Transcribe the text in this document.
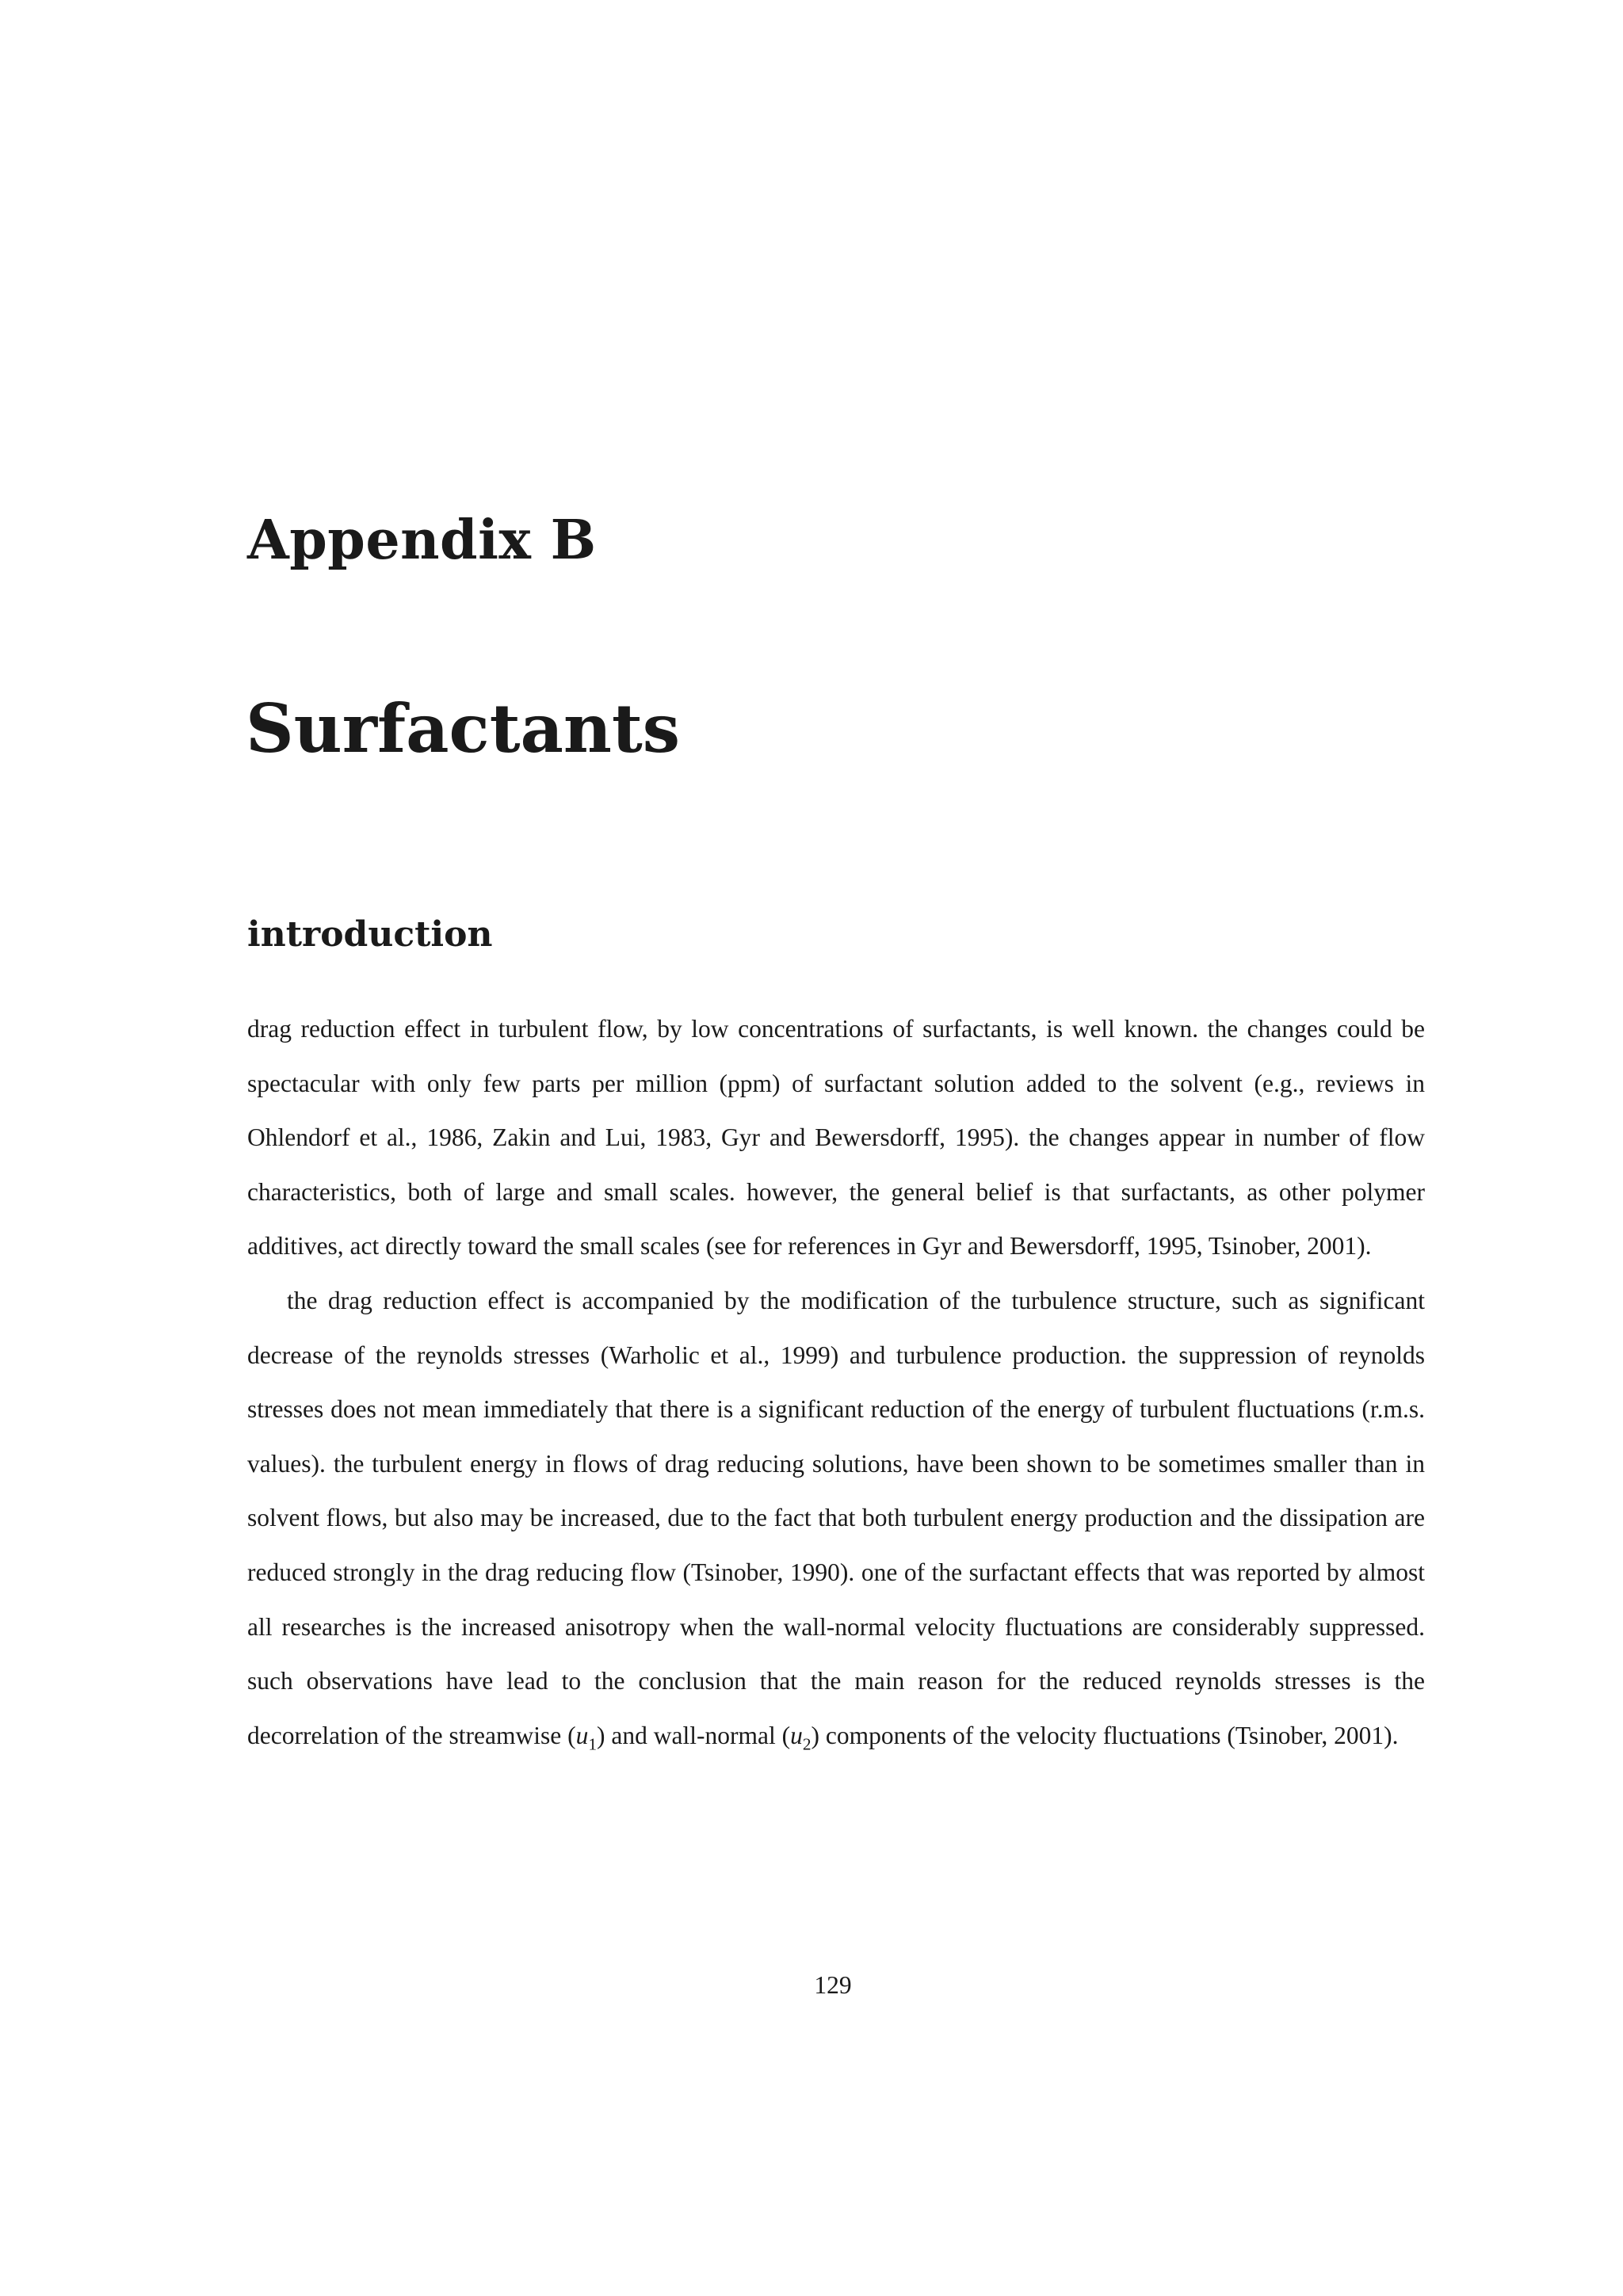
Appendix B
Surfactants
introduction

drag reduction effect in turbulent flow, by low concentrations of surfactants, is well known. the changes could be spectacular with only few parts per million (ppm) of surfactant solution added to the solvent (e.g., reviews in Ohlendorf et al., 1986, Zakin and Lui, 1983, Gyr and Bewersdorff, 1995). the changes appear in number of flow characteristics, both of large and small scales. however, the general belief is that surfactants, as other polymer additives, act directly toward the small scales (see for references in Gyr and Bewersdorff, 1995, Tsinober, 2001).

the drag reduction effect is accompanied by the modification of the turbulence structure, such as significant decrease of the reynolds stresses (Warholic et al., 1999) and turbulence production. the suppression of reynolds stresses does not mean immediately that there is a significant reduction of the energy of turbulent fluctuations (r.m.s. values). the turbulent energy in flows of drag reducing solutions, have been shown to be sometimes smaller than in solvent flows, but also may be increased, due to the fact that both turbulent energy production and the dissipation are reduced strongly in the drag reducing flow (Tsinober, 1990). one of the surfactant effects that was reported by almost all researches is the increased anisotropy when the wall-normal velocity fluctuations are considerably suppressed. such observations have lead to the conclusion that the main reason for the reduced reynolds stresses is the decorrelation of the streamwise $(u_1)$ and wall-normal $(u_2)$ components of the velocity fluctuations (Tsinober, 2001).

129
